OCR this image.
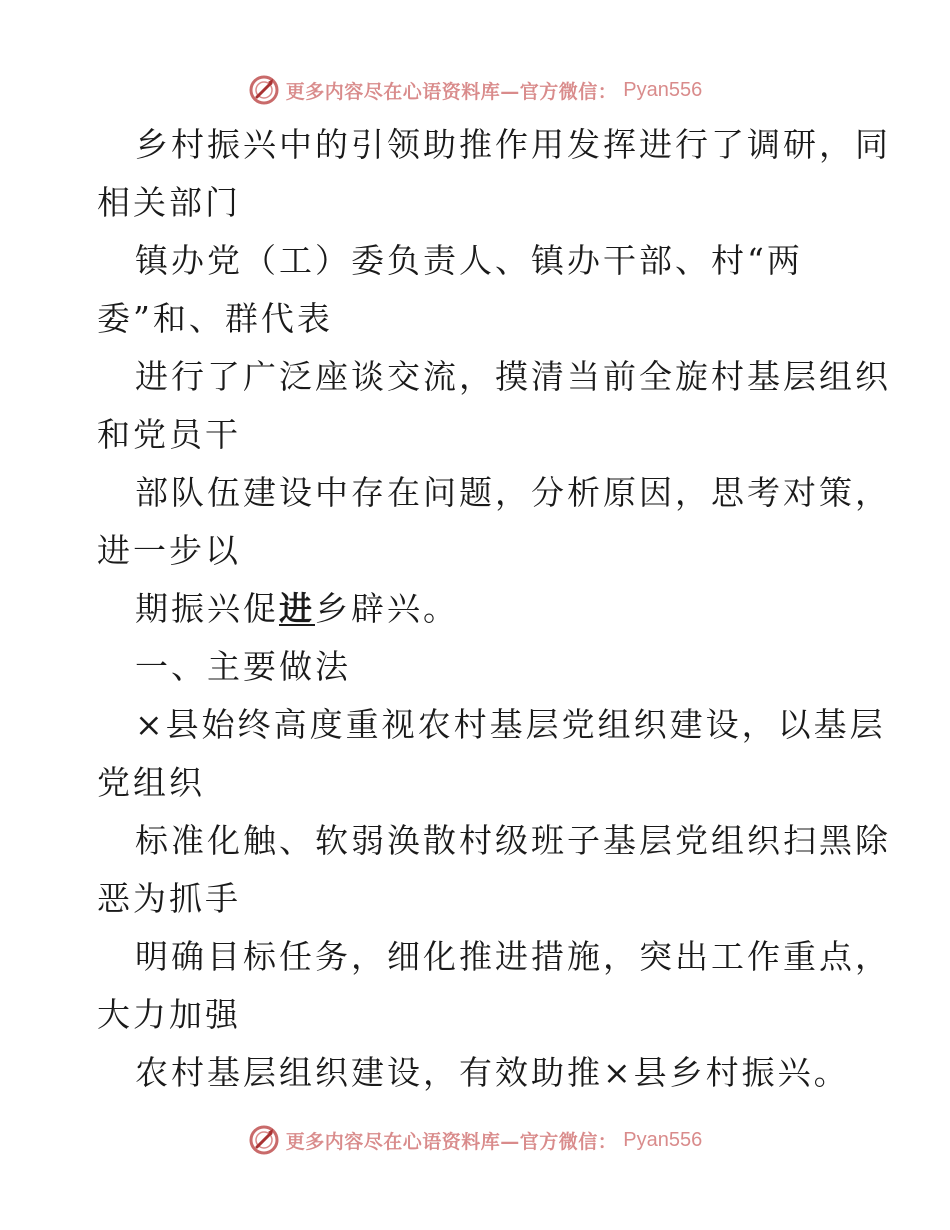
更多内容尽在心语资料库—官方微信： Pyan556
乡村振兴中的引领助推作用发挥进行了调研，同
相关部门
镇办党（工）委负责人、镇办干部、村“两
委”和、群代表
进行了广泛座谈交流，摸清当前全旋村基层组织
和党员干
部队伍建设中存在问题，分析原因，思考对策，
进一步以
期振兴促进乡辟兴。
一、主要做法
×县始终高度重视农村基层党组织建设，以基层
党组织
标准化触、软弱涣散村级班子基层党组织扫黑除
恶为抓手
明确目标任务，细化推进措施，突出工作重点，
大力加强
农村基层组织建设，有效助推×县乡村振兴。
更多内容尽在心语资料库—官方微信： Pyan556
